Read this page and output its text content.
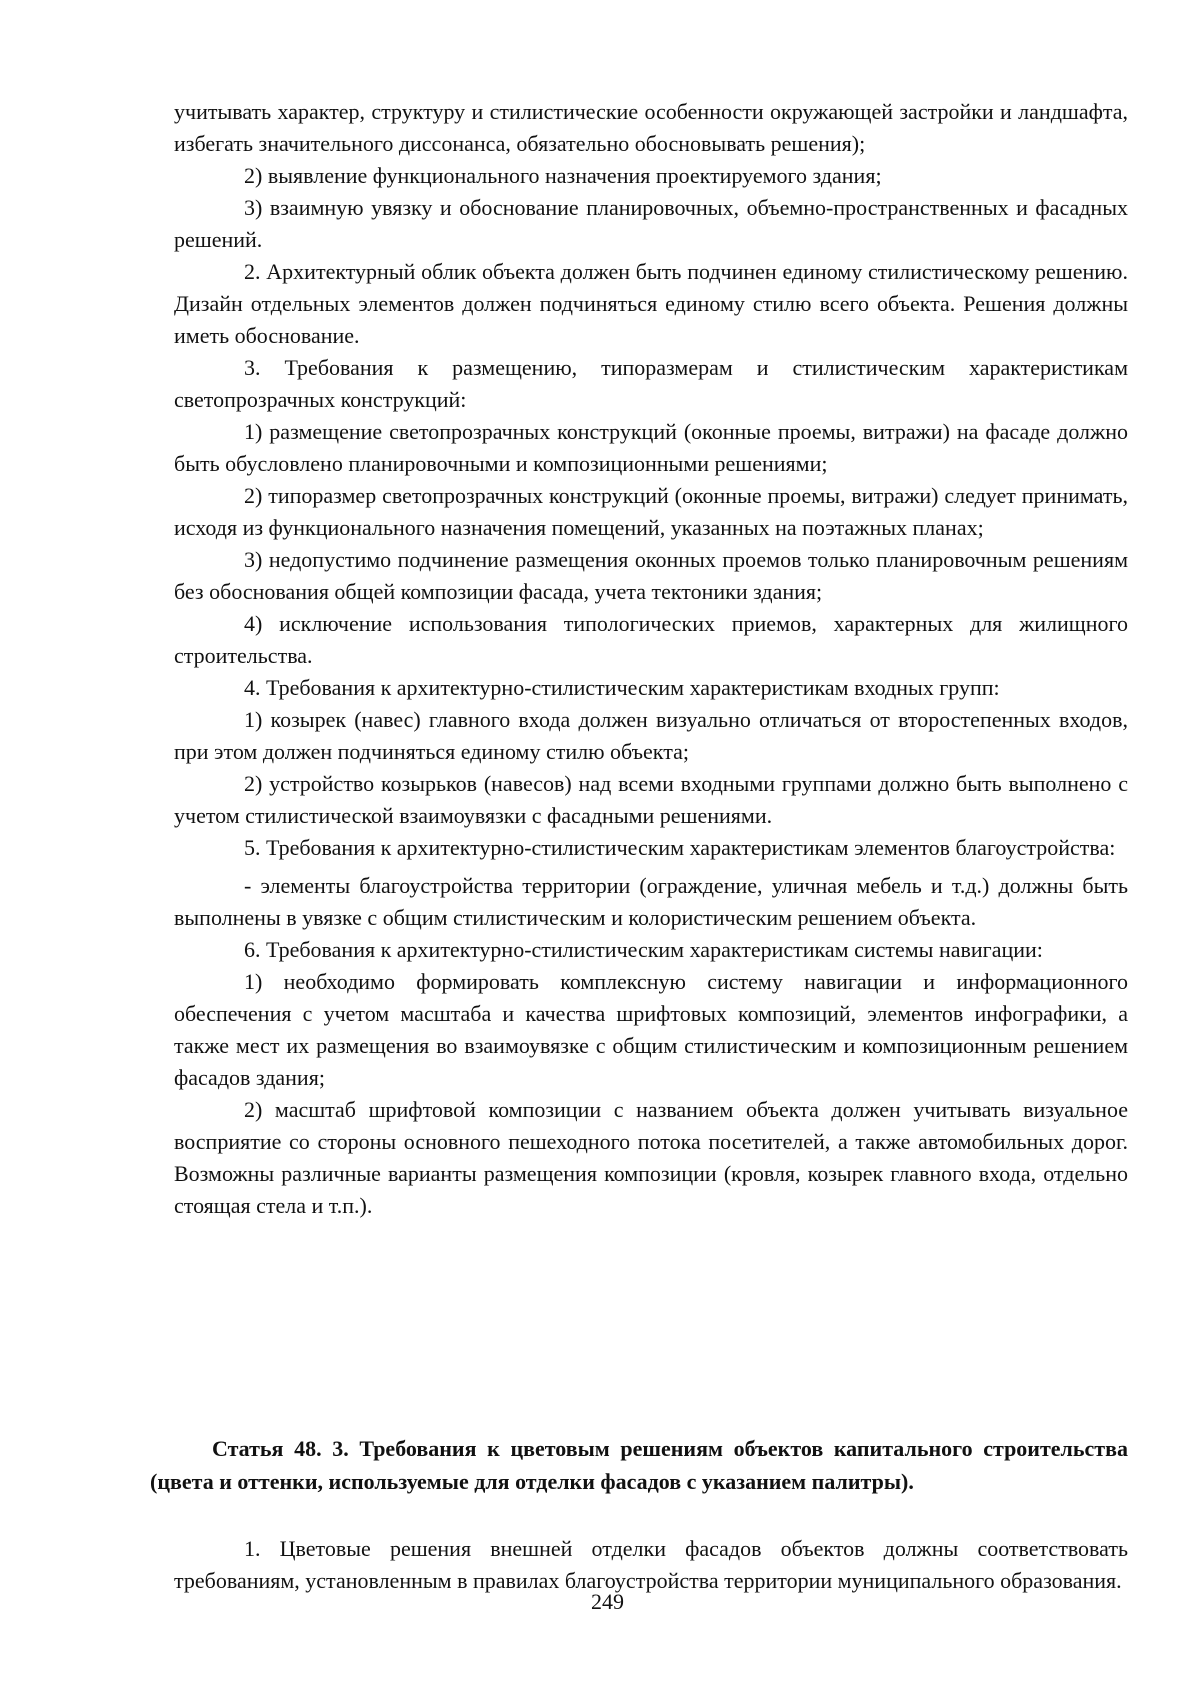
учитывать характер, структуру и стилистические особенности окружающей застройки и ландшафта, избегать значительного диссонанса, обязательно обосновывать решения);

2) выявление функционального назначения проектируемого здания;

3) взаимную увязку и обоснование планировочных, объемно-пространственных и фасадных решений.

2. Архитектурный облик объекта должен быть подчинен единому стилистическому решению. Дизайн отдельных элементов должен подчиняться единому стилю всего объекта. Решения должны иметь обоснование.

3. Требования к размещению, типоразмерам и стилистическим характеристикам светопрозрачных конструкций:

1) размещение светопрозрачных конструкций (оконные проемы, витражи) на фасаде должно быть обусловлено планировочными и композиционными решениями;

2) типоразмер светопрозрачных конструкций (оконные проемы, витражи) следует принимать, исходя из функционального назначения помещений, указанных на поэтажных планах;

3) недопустимо подчинение размещения оконных проемов только планировочным решениям без обоснования общей композиции фасада, учета тектоники здания;

4) исключение использования типологических приемов, характерных для жилищного строительства.

4. Требования к архитектурно-стилистическим характеристикам входных групп:

1) козырек (навес) главного входа должен визуально отличаться от второстепенных входов, при этом должен подчиняться единому стилю объекта;

2) устройство козырьков (навесов) над всеми входными группами должно быть выполнено с учетом стилистической взаимоувязки с фасадными решениями.

5. Требования к архитектурно-стилистическим характеристикам элементов благоустройства:

- элементы благоустройства территории (ограждение, уличная мебель и т.д.) должны быть выполнены в увязке с общим стилистическим и колористическим решением объекта.

6. Требования к архитектурно-стилистическим характеристикам системы навигации:

1) необходимо формировать комплексную систему навигации и информационного обеспечения с учетом масштаба и качества шрифтовых композиций, элементов инфографики, а также мест их размещения во взаимоувязке с общим стилистическим и композиционным решением фасадов здания;

2) масштаб шрифтовой композиции с названием объекта должен учитывать визуальное восприятие со стороны основного пешеходного потока посетителей, а также автомобильных дорог. Возможны различные варианты размещения композиции (кровля, козырек главного входа, отдельно стоящая стела и т.п.).

Статья 48. 3. Требования к цветовым решениям объектов капитального строительства (цвета и оттенки, используемые для отделки фасадов с указанием палитры).

1. Цветовые решения внешней отделки фасадов объектов должны соответствовать требованиям, установленным в правилах благоустройства территории муниципального образования.

249
